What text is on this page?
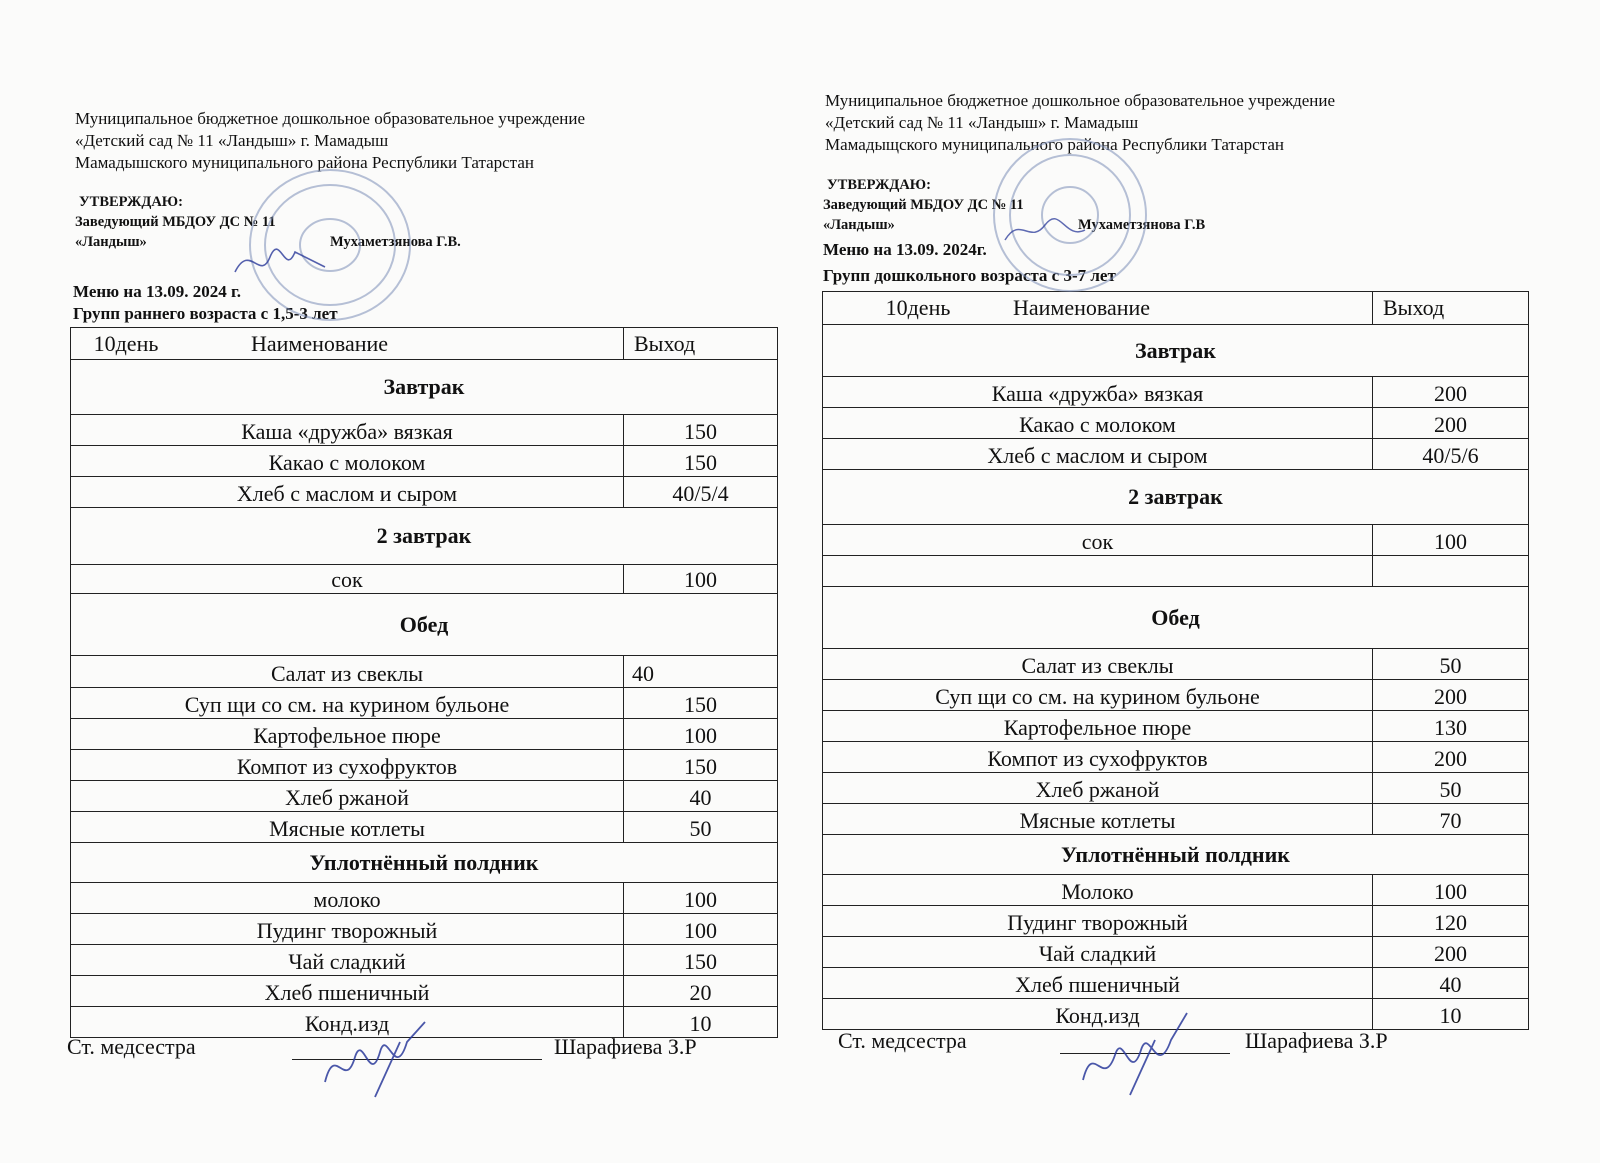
Муниципальное бюджетное дошкольное образовательное учреждение
«Детский сад № 11 «Ландыш» г. Мамадыш
Мамадышского муниципального района Республики Татарстан
УТВЕРЖДАЮ:
Заведующий МБДОУ ДС № 11
«Ландыш»	Мухаметзянова Г.В.
Меню на 13.09. 2024 г.
Групп раннего возраста с 1,5-3 лет
10день Наименование	Выход
Завтрак	
Каша «дружба» вязкая	150
Какао с молоком	150
Хлеб с маслом и сыром	40/5/4
2 завтрак	
сок	100
Обед	
Салат из свеклы	40
Суп щи со см. на курином бульоне	150
Картофельное пюре	100
Компот из сухофруктов	150
Хлеб ржаной	40
Мясные котлеты	50
Уплотнённый полдник	
молоко	100
Пудинг творожный	100
Чай сладкий	150
Хлеб пшеничный	20
Конд.изд	10
Ст. медсестра	Шарафиева З.Р
Муниципальное бюджетное дошкольное образовательное учреждение
«Детский сад № 11 «Ландыш» г. Мамадыш
Мамадыщского муниципального района Республики Татарстан
УТВЕРЖДАЮ:
Заведующий МБДОУ ДС № 11
«Ландыш»	Мухаметзянова Г.В
Меню на 13.09. 2024г.
Групп дошкольного возраста с 3-7 лет
10день Наименование	Выход
Завтрак	
Каша «дружба» вязкая	200
Какао с молоком	200
Хлеб с маслом и сыром	40/5/6
2 завтрак	
сок	100

Обед	
Салат из свеклы	50
Суп щи со см. на курином бульоне	200
Картофельное пюре	130
Компот из сухофруктов	200
Хлеб ржаной	50
Мясные котлеты	70
Уплотнённый полдник	
Молоко	100
Пудинг творожный	120
Чай сладкий	200
Хлеб пшеничный	40
Конд.изд	10
Ст. медсестра	Шарафиева З.Р
